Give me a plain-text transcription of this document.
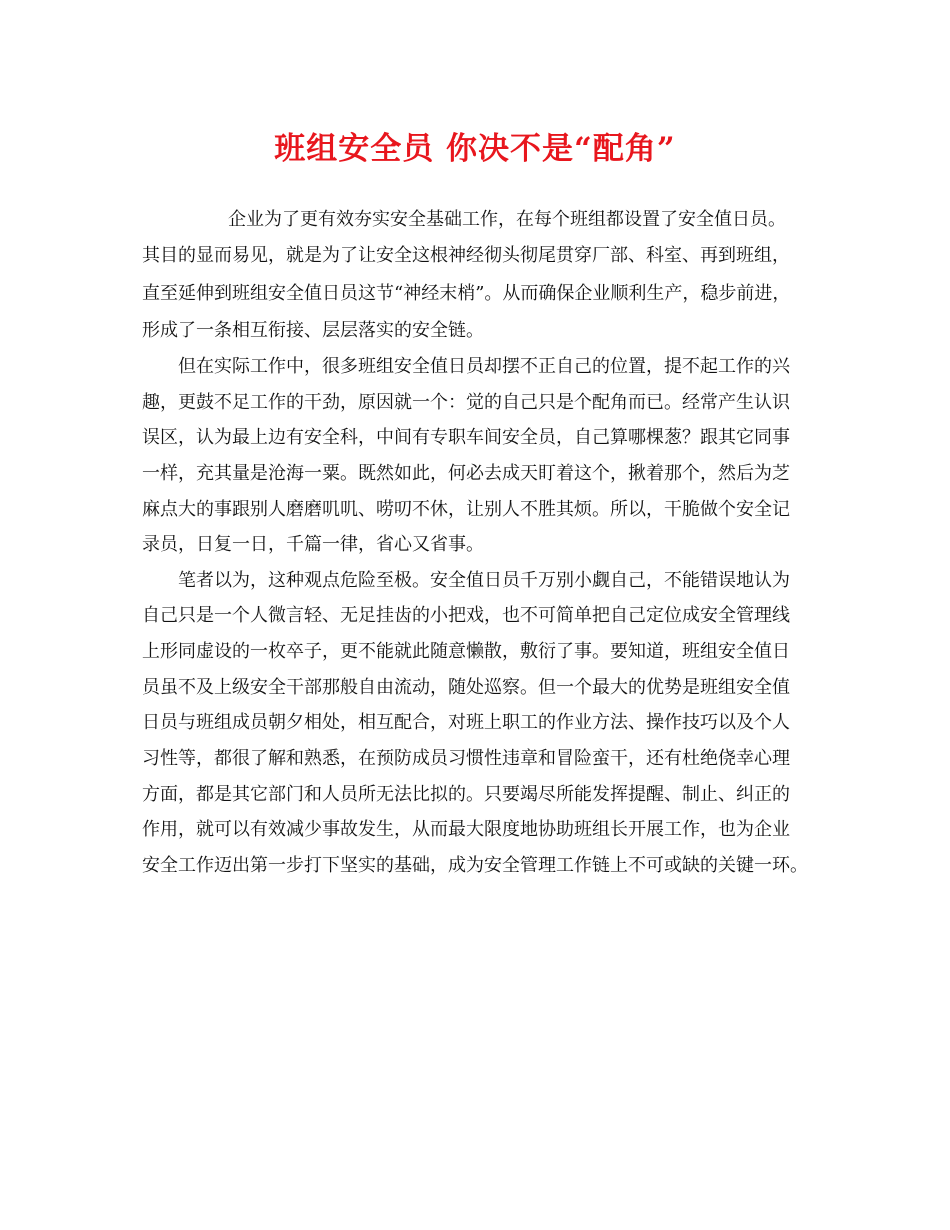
班组安全员 你决不是“配角”
企业为了更有效夯实安全基础工作，在每个班组都设置了安全值日员。
其目的显而易见，就是为了让安全这根神经彻头彻尾贯穿厂部、科室、再到班组，
直至延伸到班组安全值日员这节“神经末梢”。从而确保企业顺利生产，稳步前进，
形成了一条相互衔接、层层落实的安全链。
但在实际工作中，很多班组安全值日员却摆不正自己的位置，提不起工作的兴
趣，更鼓不足工作的干劲，原因就一个：觉的自己只是个配角而已。经常产生认识
误区，认为最上边有安全科，中间有专职车间安全员，自己算哪棵葱？跟其它同事
一样，充其量是沧海一粟。既然如此，何必去成天盯着这个，揪着那个，然后为芝
麻点大的事跟别人磨磨叽叽、唠叨不休，让别人不胜其烦。所以，干脆做个安全记
录员，日复一日，千篇一律，省心又省事。
笔者以为，这种观点危险至极。安全值日员千万别小觑自己，不能错误地认为
自己只是一个人微言轻、无足挂齿的小把戏，也不可简单把自己定位成安全管理线
上形同虚设的一枚卒子，更不能就此随意懒散，敷衍了事。要知道，班组安全值日
员虽不及上级安全干部那般自由流动，随处巡察。但一个最大的优势是班组安全值
日员与班组成员朝夕相处，相互配合，对班上职工的作业方法、操作技巧以及个人
习性等，都很了解和熟悉，在预防成员习惯性违章和冒险蛮干，还有杜绝侥幸心理
方面，都是其它部门和人员所无法比拟的。只要竭尽所能发挥提醒、制止、纠正的
作用，就可以有效减少事故发生，从而最大限度地协助班组长开展工作，也为企业
安全工作迈出第一步打下坚实的基础，成为安全管理工作链上不可或缺的关键一环。
